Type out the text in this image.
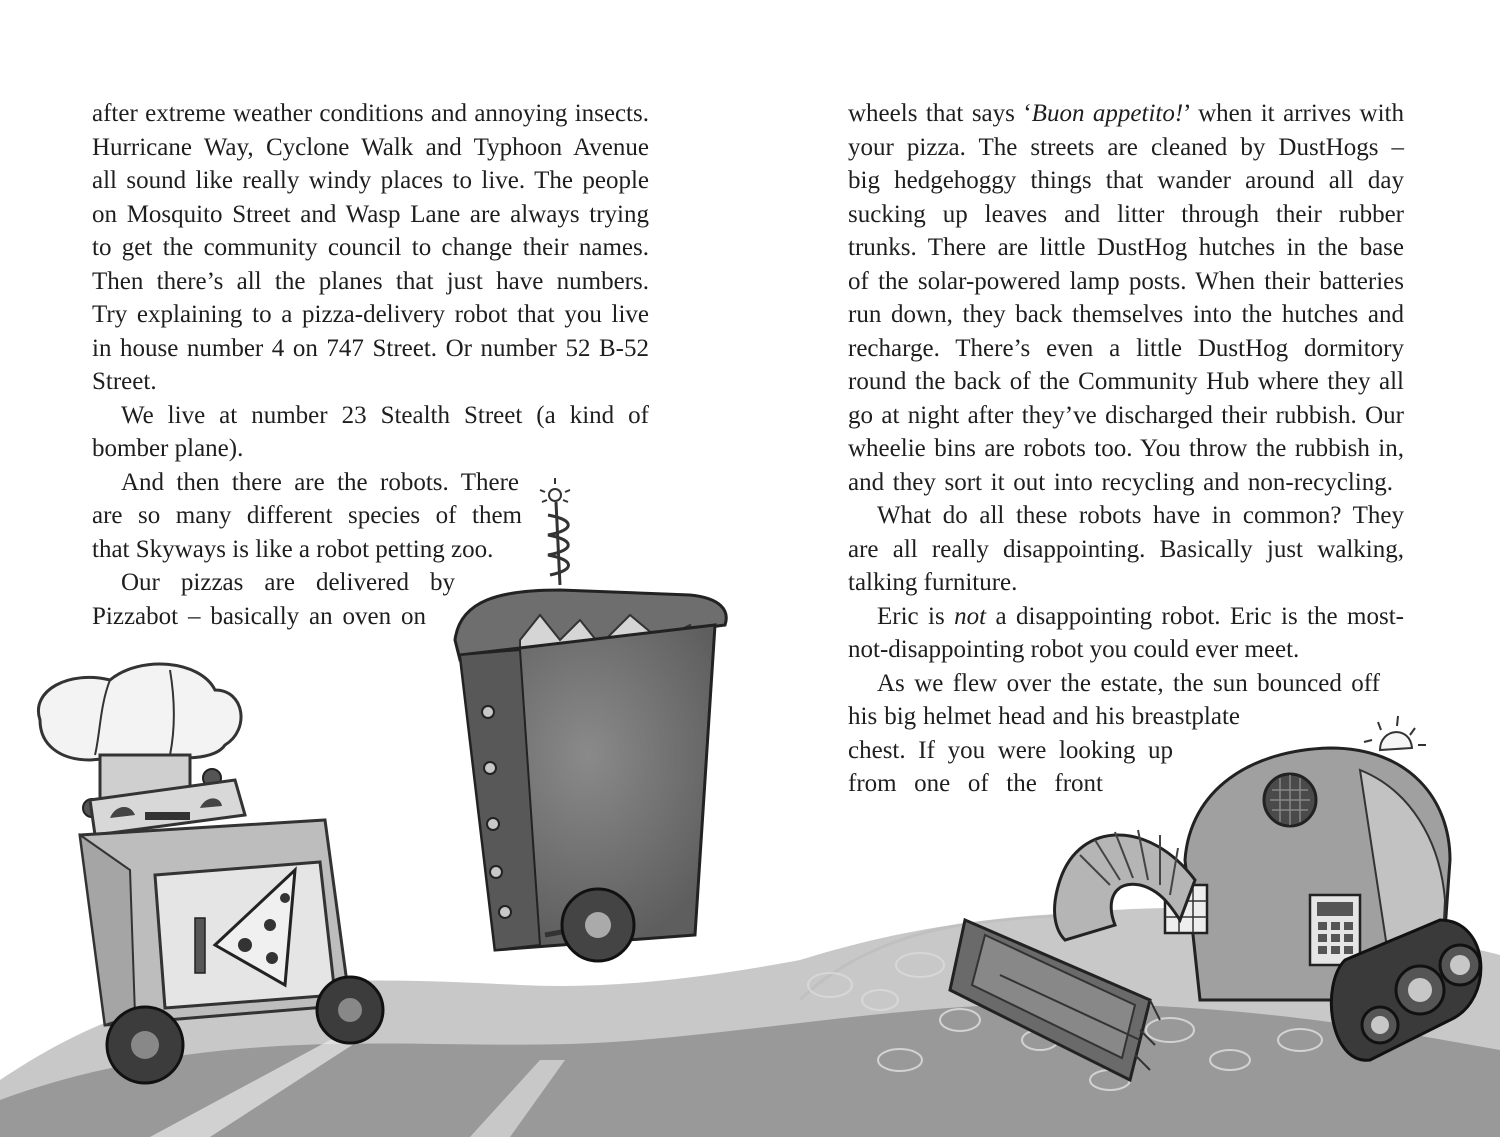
after extreme weather conditions and annoying insects.
Hurricane Way, Cyclone Walk and Typhoon Avenue
all sound like really windy places to live. The people
on Mosquito Street and Wasp Lane are always trying
to get the community council to change their names.
Then there’s all the planes that just have numbers.
Try explaining to a pizza-delivery robot that you live
in house number 4 on 747 Street. Or number 52 B-52
Street.
We live at number 23 Stealth Street (a kind of
bomber plane).
And then there are the robots. There
are so many different species of them
that Skyways is like a robot petting zoo.
Our pizzas are delivered by
Pizzabot – basically an oven on
wheels that says ‘Buon appetito!’ when it arrives with
your pizza. The streets are cleaned by DustHogs –
big hedgehoggy things that wander around all day
sucking up leaves and litter through their rubber
trunks. There are little DustHog hutches in the base
of the solar-powered lamp posts. When their batteries
run down, they back themselves into the hutches and
recharge. There’s even a little DustHog dormitory
round the back of the Community Hub where they all
go at night after they’ve discharged their rubbish. Our
wheelie bins are robots too. You throw the rubbish in,
and they sort it out into recycling and non-recycling.
What do all these robots have in common? They
are all really disappointing. Basically just walking,
talking furniture.
Eric is not a disappointing robot. Eric is the most-
not-disappointing robot you could ever meet.
As we flew over the estate, the sun bounced off
his big helmet head and his breastplate
chest. If you were looking up
from one of the front
